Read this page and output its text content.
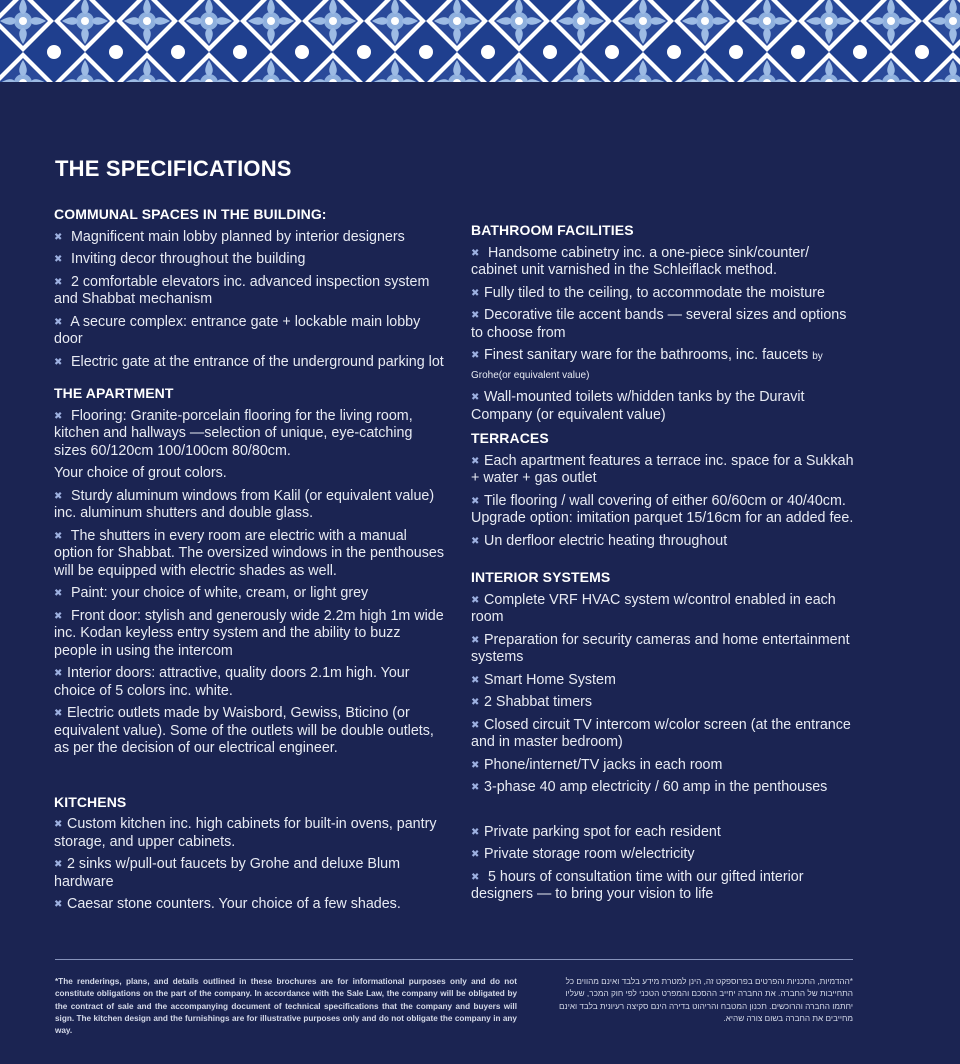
THE SPECIFICATIONS
COMMUNAL SPACES IN THE BUILDING:
✖ Magnificent main lobby planned by interior designers
✖ Inviting decor throughout the building
✖ 2 comfortable elevators inc. advanced inspection system and Shabbat mechanism
✖ A secure complex: entrance gate + lockable main lobby door
✖ Electric gate at the entrance of the underground parking lot
THE APARTMENT
✖ Flooring: Granite-porcelain flooring for the living room, kitchen and hallways —selection of unique, eye-catching sizes 60/120cm 100/100cm 80/80cm.
Your choice of grout colors.
✖ Sturdy aluminum windows from Kalil (or equivalent value) inc. aluminum shutters and double glass.
✖ The shutters in every room are electric with a manual option for Shabbat. The oversized windows in the penthouses will be equipped with electric shades as well.
✖ Paint: your choice of white, cream, or light grey
✖ Front door: stylish and generously wide 2.2m high 1m wide inc. Kodan keyless entry system and the ability to buzz people in using the intercom
✖ Interior doors: attractive, quality doors 2.1m high. Your choice of 5 colors inc. white.
✖ Electric outlets made by Waisbord, Gewiss, Bticino (or equivalent value). Some of the outlets will be double outlets, as per the decision of our electrical engineer.
KITCHENS
✖ Custom kitchen inc. high cabinets for built-in ovens, pantry storage, and upper cabinets.
✖ 2 sinks w/pull-out faucets by Grohe and deluxe Blum hardware
✖ Caesar stone counters. Your choice of a few shades.
BATHROOM FACILITIES
✖ Handsome cabinetry inc. a one-piece sink/counter/ cabinet unit varnished in the Schleiflack method.
✖ Fully tiled to the ceiling, to accommodate the moisture
✖ Decorative tile accent bands — several sizes and options to choose from
✖ Finest sanitary ware for the bathrooms, inc. faucets by
Grohe(or equivalent value)
✖ Wall-mounted toilets w/hidden tanks by the Duravit Company (or equivalent value)
TERRACES
✖ Each apartment features a terrace inc. space for a Sukkah + water + gas outlet
✖ Tile flooring / wall covering of either 60/60cm or 40/40cm. Upgrade option: imitation parquet 15/16cm for an added fee.
✖ Un derfloor electric heating throughout
INTERIOR SYSTEMS
✖ Complete VRF HVAC system w/control enabled in each room
✖ Preparation for security cameras and home entertainment systems
✖ Smart Home System
✖ 2 Shabbat timers
✖ Closed circuit TV intercom w/color screen (at the entrance and in master bedroom)
✖ Phone/internet/TV jacks in each room
✖ 3-phase 40 amp electricity / 60 amp in the penthouses
✖ Private parking spot for each resident
✖ Private storage room w/electricity
✖ 5 hours of consultation time with our gifted interior designers — to bring your vision to life
*The renderings, plans, and details outlined in these brochures are for informational purposes only and do not constitute obligations on the part of the company. In accordance with the Sale Law, the company will be obligated by the contract of sale and the accompanying document of technical specifications that the company and buyers will sign. The kitchen design and the furnishings are for illustrative purposes only and do not obligate the company in any way.
*ההדמיות, התכניות והפרטים בפרוספקט זה, הינן למטרת מידע בלבד ואינם מהווים כל התחייבות של החברה. את החברה יחייב ההסכם והמפרט הטכני לפי חוק המכר, שעליו יחתמו החברה והרוכשים. תכנון המטבח והריהוט בדירה הינם סקיצה רעיונית בלבד ואינם מחייבים את החברה בשום צורה שהיא.
